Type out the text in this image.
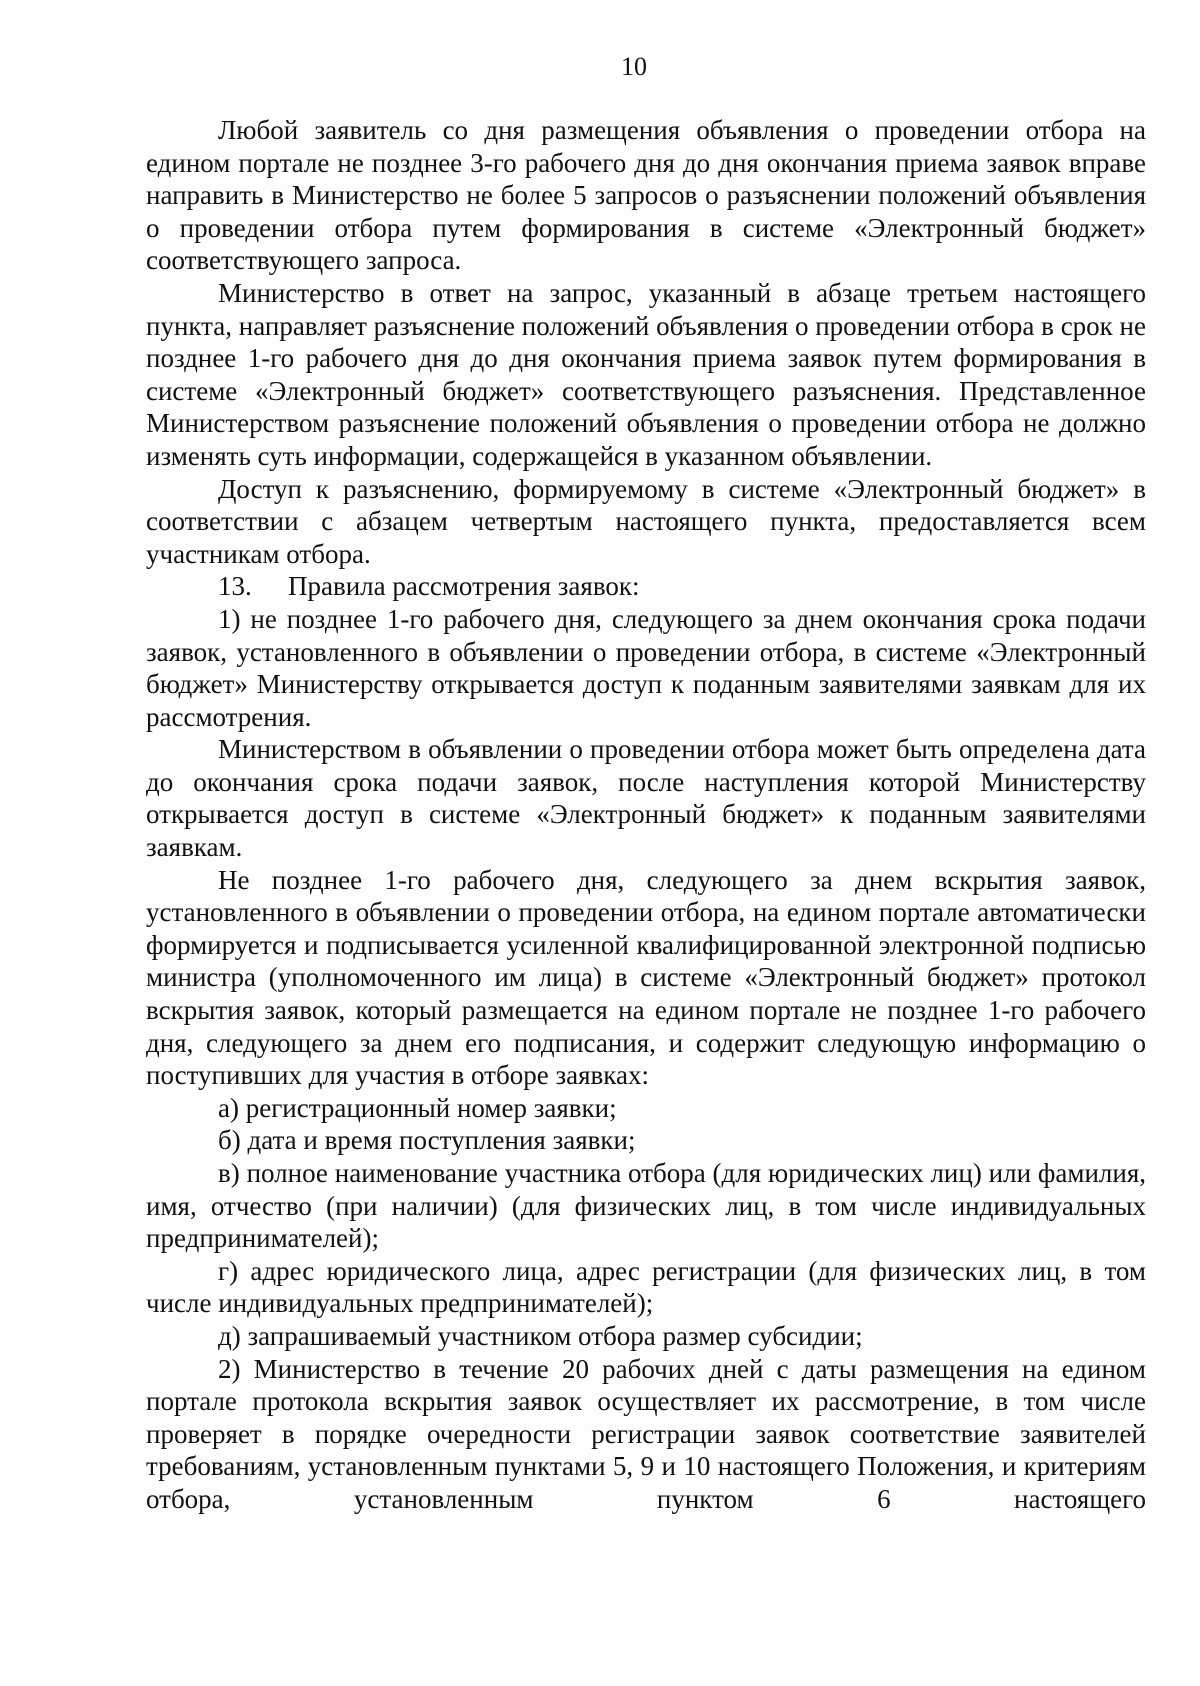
10

Любой заявитель со дня размещения объявления о проведении отбора на едином портале не позднее 3-го рабочего дня до дня окончания приема заявок вправе направить в Министерство не более 5 запросов о разъяснении положений объявления о проведении отбора путем формирования в системе «Электронный бюджет» соответствующего запроса.

Министерство в ответ на запрос, указанный в абзаце третьем настоящего пункта, направляет разъяснение положений объявления о проведении отбора в срок не позднее 1-го рабочего дня до дня окончания приема заявок путем формирования в системе «Электронный бюджет» соответствующего разъяснения. Представленное Министерством разъяснение положений объявления о проведении отбора не должно изменять суть информации, содержащейся в указанном объявлении.

Доступ к разъяснению, формируемому в системе «Электронный бюджет» в соответствии с абзацем четвертым настоящего пункта, предоставляется всем участникам отбора.

13. Правила рассмотрения заявок:

1) не позднее 1-го рабочего дня, следующего за днем окончания срока подачи заявок, установленного в объявлении о проведении отбора, в системе «Электронный бюджет» Министерству открывается доступ к поданным заявителями заявкам для их рассмотрения.

Министерством в объявлении о проведении отбора может быть определена дата до окончания срока подачи заявок, после наступления которой Министерству открывается доступ в системе «Электронный бюджет» к поданным заявителями заявкам.

Не позднее 1-го рабочего дня, следующего за днем вскрытия заявок, установленного в объявлении о проведении отбора, на едином портале автоматически формируется и подписывается усиленной квалифицированной электронной подписью министра (уполномоченного им лица) в системе «Электронный бюджет» протокол вскрытия заявок, который размещается на едином портале не позднее 1-го рабочего дня, следующего за днем его подписания, и содержит следующую информацию о поступивших для участия в отборе заявках:

а) регистрационный номер заявки;

б) дата и время поступления заявки;

в) полное наименование участника отбора (для юридических лиц) или фамилия, имя, отчество (при наличии) (для физических лиц, в том числе индивидуальных предпринимателей);

г) адрес юридического лица, адрес регистрации (для физических лиц, в том числе индивидуальных предпринимателей);

д) запрашиваемый участником отбора размер субсидии;

2) Министерство в течение 20 рабочих дней с даты размещения на едином портале протокола вскрытия заявок осуществляет их рассмотрение, в том числе проверяет в порядке очередности регистрации заявок соответствие заявителей требованиям, установленным пунктами 5, 9 и 10 настоящего Положения, и критериям отбора, установленным пунктом 6 настоящего
